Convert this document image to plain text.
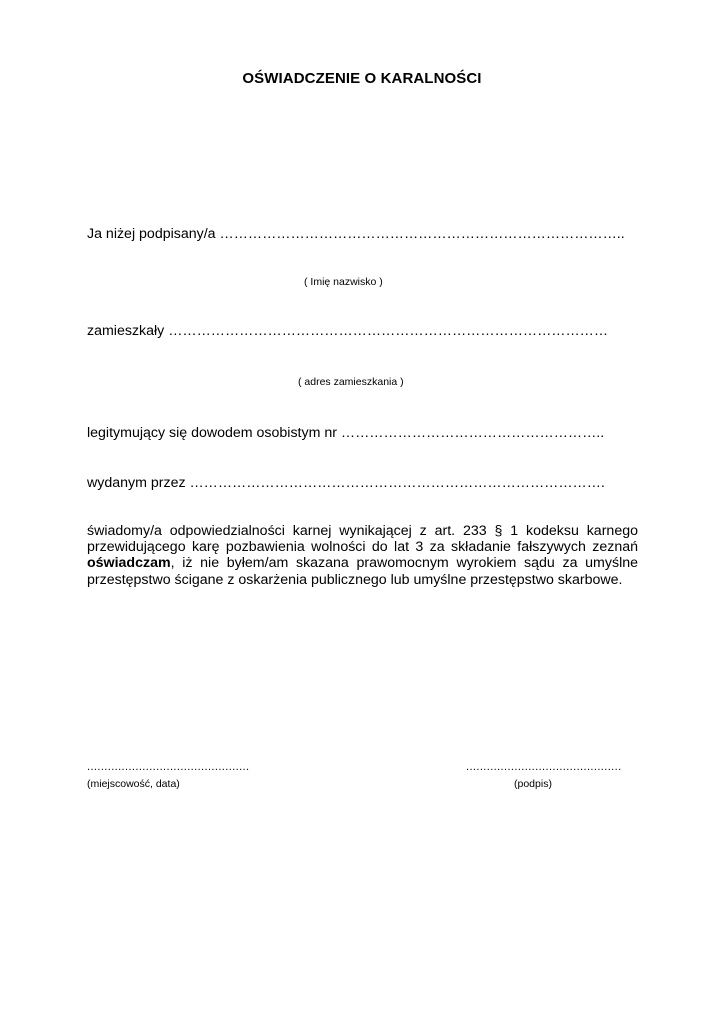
OŚWIADCZENIE O KARALNOŚCI
Ja niżej podpisany/a …………………………………………………………………………..
( Imię nazwisko )
zamieszkały …………………………………………………………………………………
( adres zamieszkania )
legitymujący się dowodem osobistym nr ………………………………………………..
wydanym przez …………………………………………………………………………….
świadomy/a odpowiedzialności karnej wynikającej z art. 233 § 1 kodeksu karnego przewidującego karę pozbawienia wolności do lat 3 za składanie fałszywych zeznań oświadczam, iż nie byłem/am skazana prawomocnym wyrokiem sądu za umyślne przestępstwo ścigane z oskarżenia publicznego lub umyślne przestępstwo skarbowe.
...............................................
(miejscowość, data)
.............................................
(podpis)
